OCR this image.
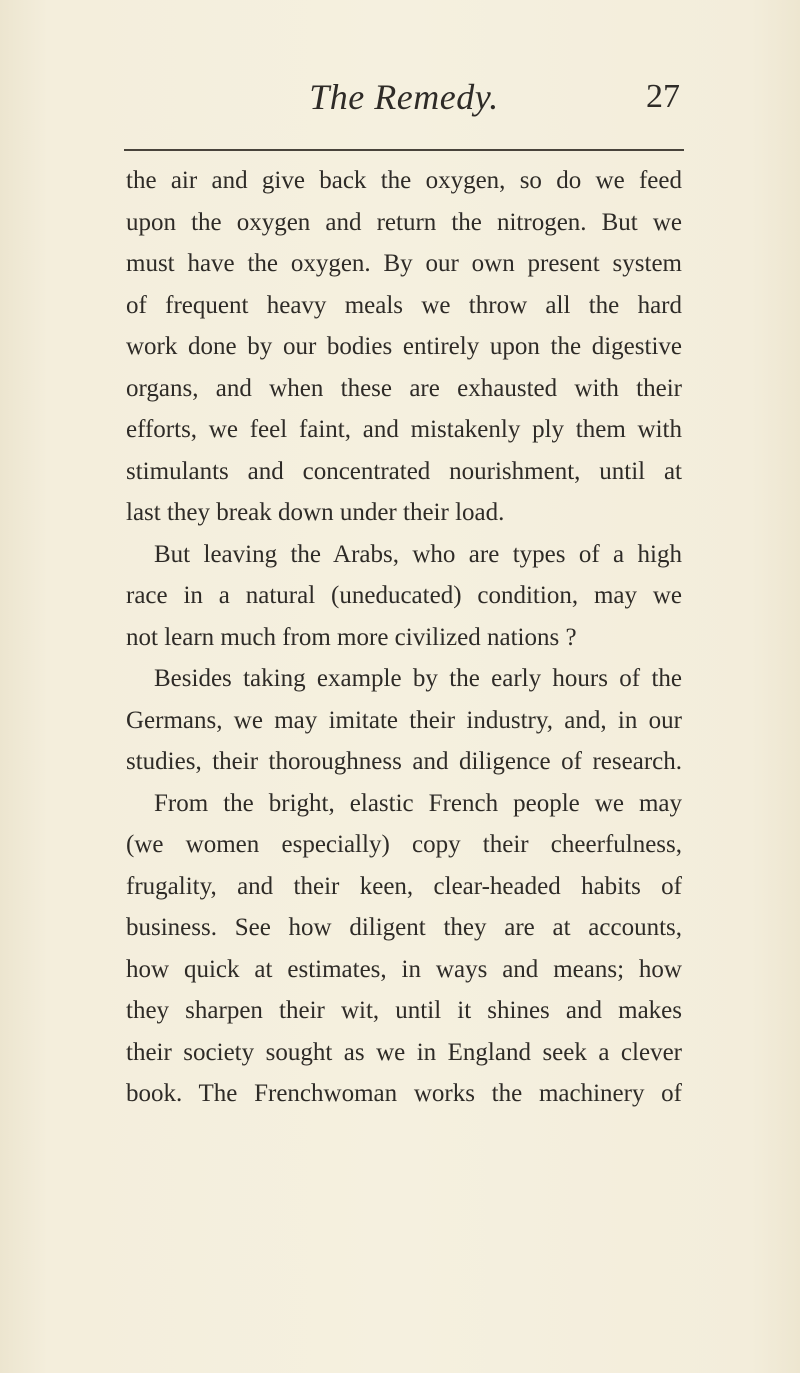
The Remedy.	27
the air and give back the oxygen, so do we feed
upon the oxygen and return the nitrogen. But we
must have the oxygen. By our own present system
of frequent heavy meals we throw all the hard
work done by our bodies entirely upon the digestive
organs, and when these are exhausted with their
efforts, we feel faint, and mistakenly ply them with
stimulants and concentrated nourishment, until at
last they break down under their load.
But leaving the Arabs, who are types of a high
race in a natural (uneducated) condition, may we
not learn much from more civilized nations ?
Besides taking example by the early hours of the
Germans, we may imitate their industry, and, in our
studies, their thoroughness and diligence of research.
From the bright, elastic French people we may
(we women especially) copy their cheerfulness,
frugality, and their keen, clear-headed habits of
business. See how diligent they are at accounts,
how quick at estimates, in ways and means; how
they sharpen their wit, until it shines and makes
their society sought as we in England seek a clever
book. The Frenchwoman works the machinery of
